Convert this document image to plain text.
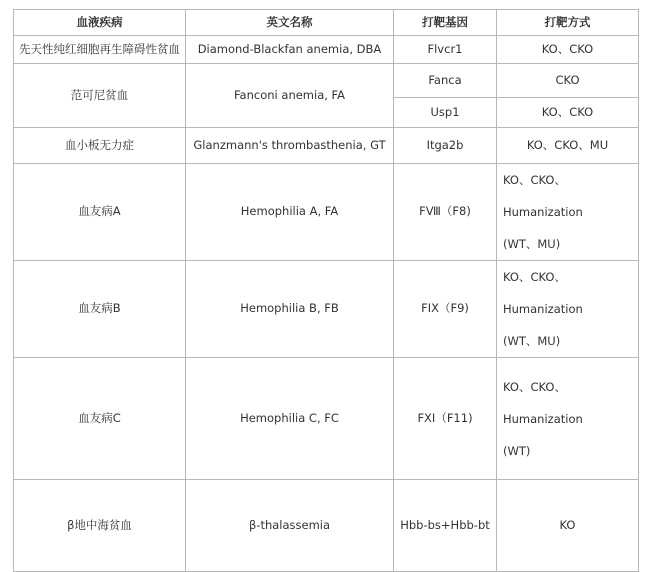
血液疾病	英文名称	打靶基因	打靶方式
先天性纯红细胞再生障碍性贫血	Diamond-Blackfan anemia, DBA	Flvcr1	KO、CKO
范可尼贫血	Fanconi anemia, FA	Fanca	CKO
		Usp1	KO、CKO
血小板无力症	Glanzmann's thrombasthenia, GT	Itga2b	KO、CKO、MU
血友病A	Hemophilia A, FA	FⅧ（F8)	KO、CKO、Humanization
(WT、MU)

血友病B	Hemophilia B, FB	FIX（F9)	KO、CKO、Humanization
(WT、MU)

血友病C	Hemophilia C, FC	FXI（F11)	KO、CKO、Humanization
(WT)

β地中海贫血	β-thalassemia	Hbb-bs+Hbb-bt	KO
